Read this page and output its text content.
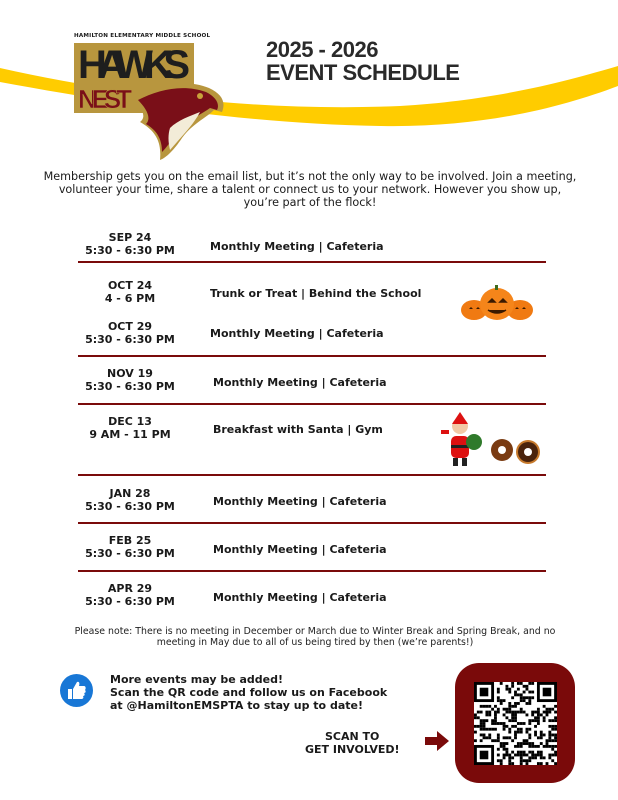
HAMILTON ELEMENTARY MIDDLE SCHOOL
HAWKS
NEST
2025 - 2026
EVENT SCHEDULE
Membership gets you on the email list, but it’s not the only way to be involved. Join a meeting, volunteer your time, share a talent or connect us to your network. However you show up, you’re part of the flock!
SEP 24
5:30 - 6:30 PM	Monthly Meeting | Cafeteria
OCT 24
4 - 6 PM	Trunk or Treat | Behind the School
OCT 29
5:30 - 6:30 PM	Monthly Meeting | Cafeteria
NOV 19
5:30 - 6:30 PM	Monthly Meeting | Cafeteria
DEC 13
9 AM - 11 PM	Breakfast with Santa | Gym
JAN 28
5:30 - 6:30 PM	Monthly Meeting | Cafeteria
FEB 25
5:30 - 6:30 PM	Monthly Meeting | Cafeteria
APR 29
5:30 - 6:30 PM	Monthly Meeting | Cafeteria
Please note: There is no meeting in December or March due to Winter Break and Spring Break, and no meeting in May due to all of us being tired by then (we’re parents!)
More events may be added!
Scan the QR code and follow us on Facebook
at @HamiltonEMSPTA to stay up to date!
SCAN TO
GET INVOLVED!
